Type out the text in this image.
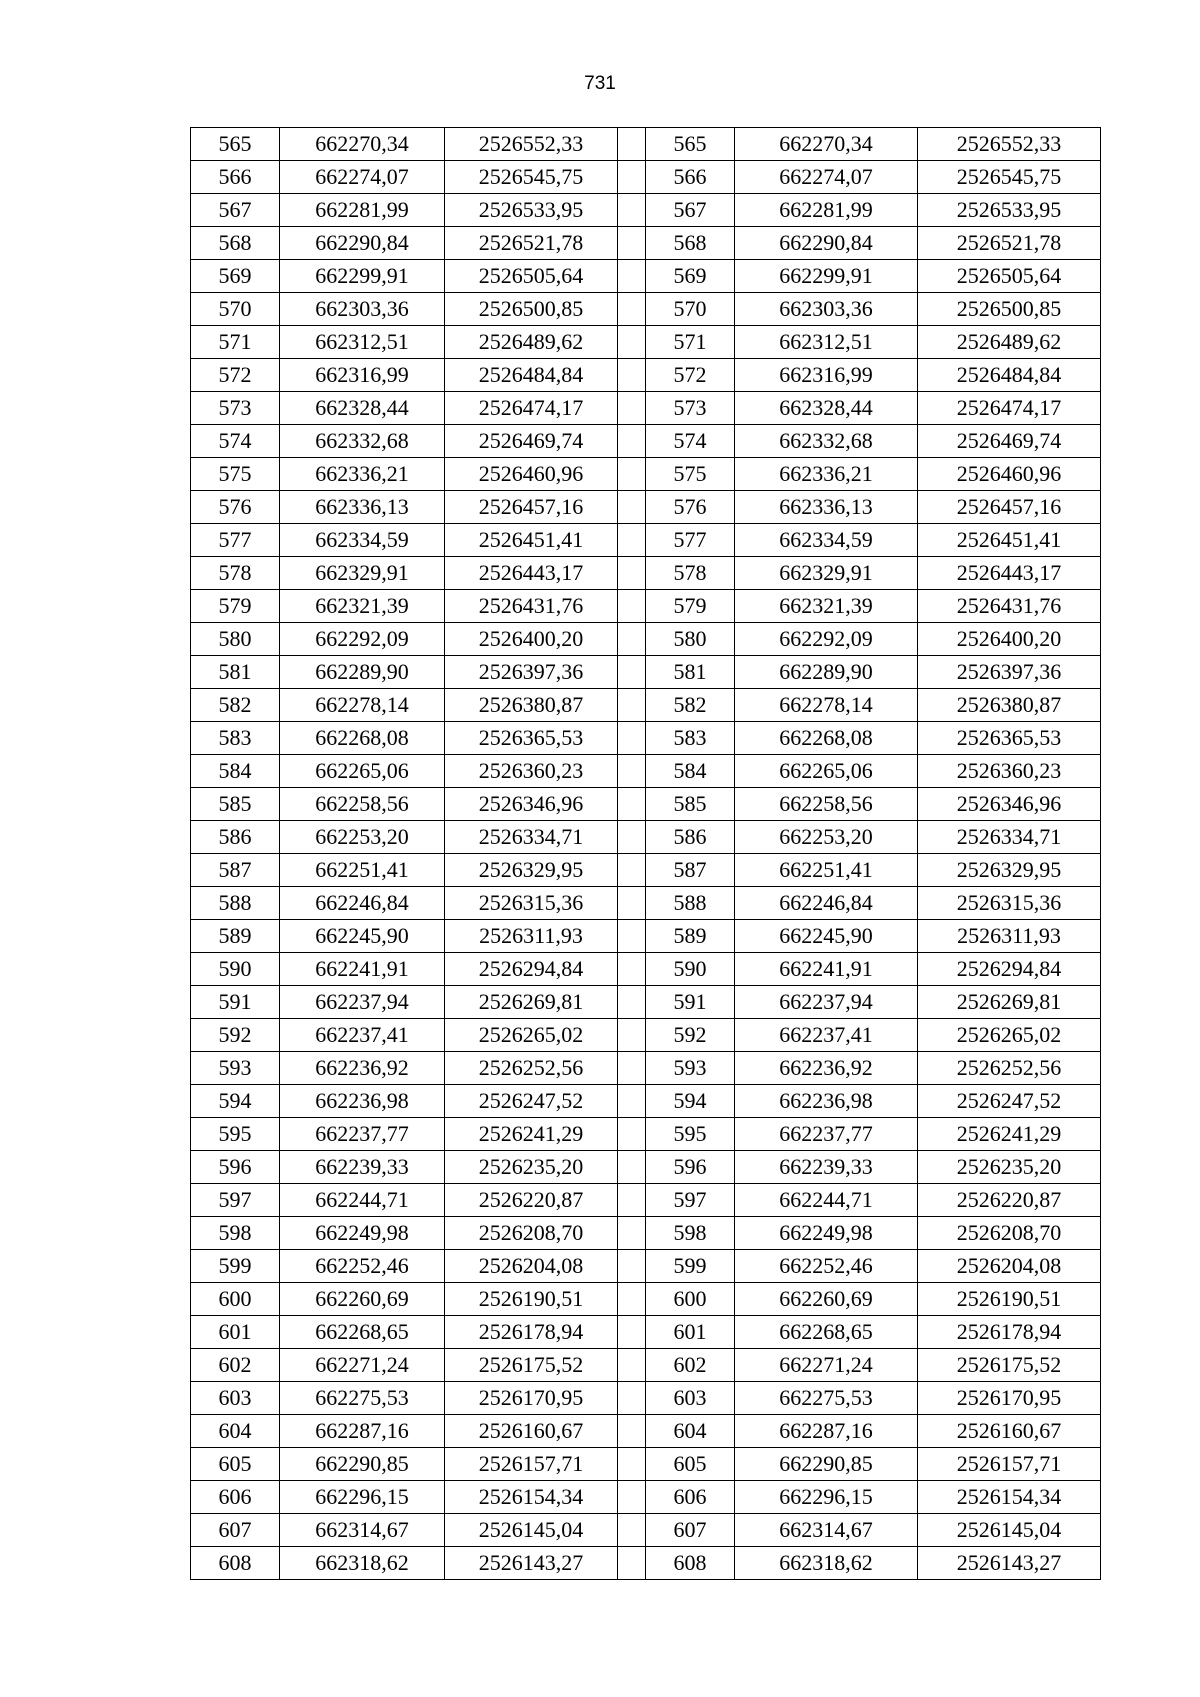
731
565	662270,34	2526552,33		565	662270,34	2526552,33
566	662274,07	2526545,75		566	662274,07	2526545,75
567	662281,99	2526533,95		567	662281,99	2526533,95
568	662290,84	2526521,78		568	662290,84	2526521,78
569	662299,91	2526505,64		569	662299,91	2526505,64
570	662303,36	2526500,85		570	662303,36	2526500,85
571	662312,51	2526489,62		571	662312,51	2526489,62
572	662316,99	2526484,84		572	662316,99	2526484,84
573	662328,44	2526474,17		573	662328,44	2526474,17
574	662332,68	2526469,74		574	662332,68	2526469,74
575	662336,21	2526460,96		575	662336,21	2526460,96
576	662336,13	2526457,16		576	662336,13	2526457,16
577	662334,59	2526451,41		577	662334,59	2526451,41
578	662329,91	2526443,17		578	662329,91	2526443,17
579	662321,39	2526431,76		579	662321,39	2526431,76
580	662292,09	2526400,20		580	662292,09	2526400,20
581	662289,90	2526397,36		581	662289,90	2526397,36
582	662278,14	2526380,87		582	662278,14	2526380,87
583	662268,08	2526365,53		583	662268,08	2526365,53
584	662265,06	2526360,23		584	662265,06	2526360,23
585	662258,56	2526346,96		585	662258,56	2526346,96
586	662253,20	2526334,71		586	662253,20	2526334,71
587	662251,41	2526329,95		587	662251,41	2526329,95
588	662246,84	2526315,36		588	662246,84	2526315,36
589	662245,90	2526311,93		589	662245,90	2526311,93
590	662241,91	2526294,84		590	662241,91	2526294,84
591	662237,94	2526269,81		591	662237,94	2526269,81
592	662237,41	2526265,02		592	662237,41	2526265,02
593	662236,92	2526252,56		593	662236,92	2526252,56
594	662236,98	2526247,52		594	662236,98	2526247,52
595	662237,77	2526241,29		595	662237,77	2526241,29
596	662239,33	2526235,20		596	662239,33	2526235,20
597	662244,71	2526220,87		597	662244,71	2526220,87
598	662249,98	2526208,70		598	662249,98	2526208,70
599	662252,46	2526204,08		599	662252,46	2526204,08
600	662260,69	2526190,51		600	662260,69	2526190,51
601	662268,65	2526178,94		601	662268,65	2526178,94
602	662271,24	2526175,52		602	662271,24	2526175,52
603	662275,53	2526170,95		603	662275,53	2526170,95
604	662287,16	2526160,67		604	662287,16	2526160,67
605	662290,85	2526157,71		605	662290,85	2526157,71
606	662296,15	2526154,34		606	662296,15	2526154,34
607	662314,67	2526145,04		607	662314,67	2526145,04
608	662318,62	2526143,27		608	662318,62	2526143,27
